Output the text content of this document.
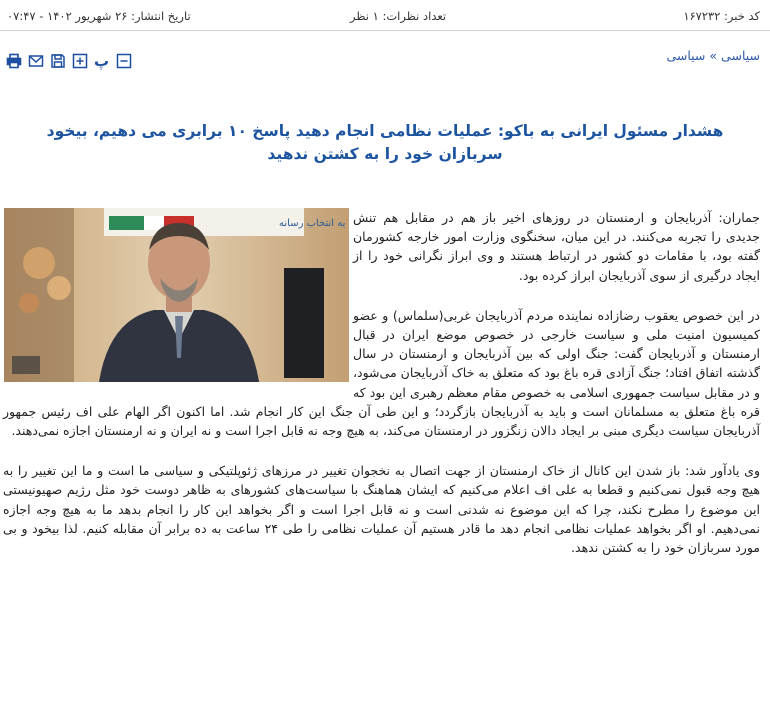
کد خبر: ۱۶۷۲۳۲
تعداد نظرات: ۱ نظر
تاریخ انتشار: ۲۶ شهریور ۱۴۰۲ - ۰۷:۴۷
سیاسی»سیاسی
پ
هشدار مسئول ایرانی به باکو: عملیات نظامی انجام دهید پاسخ ۱۰ برابری می دهیم، بیخود سربازان خود را به کشتن ندهید
به انتخاب رسانه جماران: آذربایجان و ارمنستان در روزهای اخیر باز هم در مقابل هم تنش جدیدی را تجربه می‌کنند. در این میان، سخنگوی وزارت امور خارجه کشورمان گفته بود، با مقامات دو کشور در ارتباط هستند و وی ابراز نگرانی خود را از ایجاد درگیری از سوی آذربایجان ابراز کرده بود.

در این خصوص یعقوب رضازاده نماینده مردم آذربایجان غربی(سلماس) و عضو کمیسیون امنیت ملی و سیاست خارجی در خصوص موضع ایران در قبال ارمنستان و آذربایجان گفت: جنگ اولی که بین آذربایجان و ارمنستان در سال گذشته اتفاق افتاد؛ جنگ آزادی قره باغ بود که متعلق به خاک آذربایجان می‌شود، و در مقابل سیاست جمهوری اسلامی به خصوص مقام معظم رهبری این بود که قره باغ متعلق به مسلمانان است و باید به آذربایجان بازگردد؛ و این طی آن جنگ این کار انجام شد. اما اکنون اگر الهام علی اف رئیس جمهور آذربایجان سیاست دیگری مبنی بر ایجاد دالان زنگزور در ارمنستان می‌کند، به هیچ وجه نه قابل اجرا است و نه ایران و نه ارمنستان اجازه نمی‌دهند.

وی یادآور شد: باز شدن این کانال از خاک ارمنستان از جهت اتصال به نخجوان تغییر در مرزهای ژئوپلتیکی و سیاسی ما است و ما این تغییر را به هیچ وجه قبول نمی‌کنیم و قطعا به علی اف اعلام می‌کنیم که ایشان هماهنگ با سیاست‌های کشورهای به ظاهر دوست خود مثل رژیم صهیونیستی این موضوع را مطرح نکند، چرا که این موضوع نه شدنی است و نه قابل اجرا است و اگر بخواهد این کار را انجام بدهد ما به هیچ وجه اجازه نمی‌دهیم. او اگر بخواهد عملیات نظامی انجام دهد ما قادر هستیم آن عملیات نظامی را طی ۲۴ ساعت به ده برابر آن مقابله کنیم. لذا بیخود و بی مورد سربازان خود را به کشتن ندهد.
